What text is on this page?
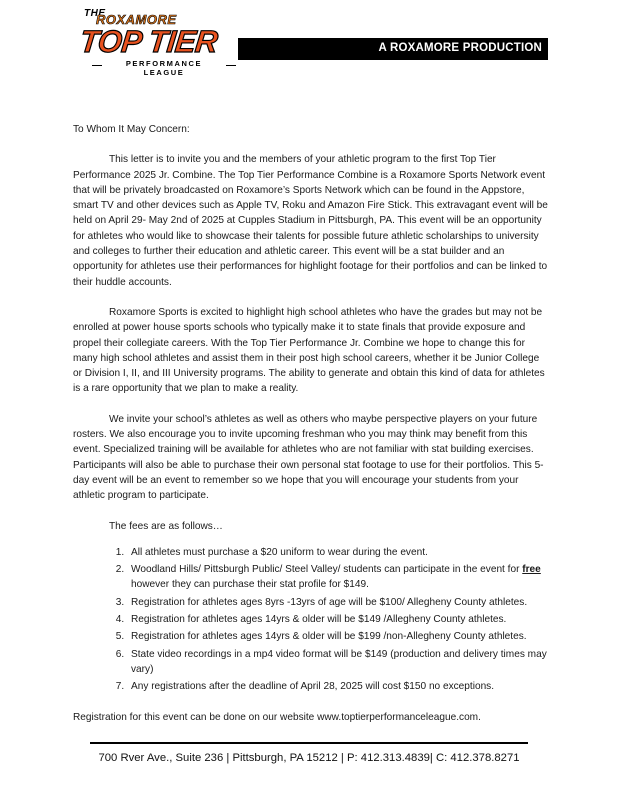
THE
ROXAMORE
TOP TIER
PERFORMANCE LEAGUE
A ROXAMORE PRODUCTION

To Whom It May Concern:

This letter is to invite you and the members of your athletic program to the first Top Tier Performance 2025 Jr. Combine. The Top Tier Performance Combine is a Roxamore Sports Network event that will be privately broadcasted on Roxamore’s Sports Network which can be found in the Appstore, smart TV and other devices such as Apple TV, Roku and Amazon Fire Stick. This extravagant event will be held on April 29- May 2nd of 2025 at Cupples Stadium in Pittsburgh, PA. This event will be an opportunity for athletes who would like to showcase their talents for possible future athletic scholarships to university and colleges to further their education and athletic career. This event will be a stat builder and an opportunity for athletes use their performances for highlight footage for their portfolios and can be linked to their huddle accounts.

Roxamore Sports is excited to highlight high school athletes who have the grades but may not be enrolled at power house sports schools who typically make it to state finals that provide exposure and propel their collegiate careers. With the Top Tier Performance Jr. Combine we hope to change this for many high school athletes and assist them in their post high school careers, whether it be Junior College or Division I, II, and III University programs. The ability to generate and obtain this kind of data for athletes is a rare opportunity that we plan to make a reality.

We invite your school’s athletes as well as others who maybe perspective players on your future rosters. We also encourage you to invite upcoming freshman who you may think may benefit from this event. Specialized training will be available for athletes who are not familiar with stat building exercises. Participants will also be able to purchase their own personal stat footage to use for their portfolios. This 5-day event will be an event to remember so we hope that you will encourage your students from your athletic program to participate.

The fees are as follows…

1. All athletes must purchase a $20 uniform to wear during the event.
2. Woodland Hills/ Pittsburgh Public/ Steel Valley/ students can participate in the event for free however they can purchase their stat profile for $149.
3. Registration for athletes ages 8yrs -13yrs of age will be $100/ Allegheny County athletes.
4. Registration for athletes ages 14yrs & older will be $149 /Allegheny County athletes.
5. Registration for athletes ages 14yrs & older will be $199 /non-Allegheny County athletes.
6. State video recordings in a mp4 video format will be $149 (production and delivery times may vary)
7. Any registrations after the deadline of April 28, 2025 will cost $150 no exceptions.

Registration for this event can be done on our website www.toptierperformanceleague.com.

700 Rver Ave., Suite 236 | Pittsburgh, PA 15212 | P: 412.313.4839| C: 412.378.8271
